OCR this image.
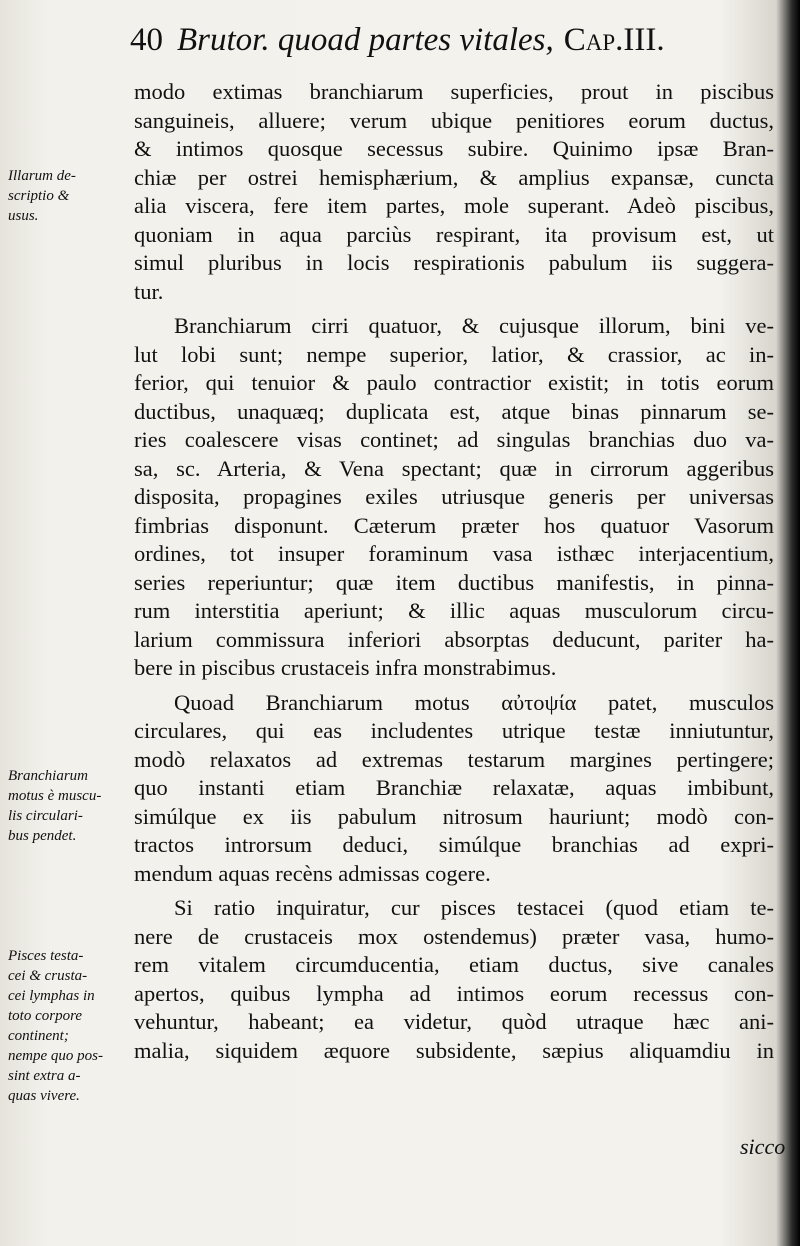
40 Brutor. quoad partes vitales, Cap.III.
modo extimas branchiarum superficies, prout in piscibus
sanguineis, alluere; verum ubique penitiores eorum ductus,
& intimos quosque secessus subire. Quinimo ipsæ Bran-
chiæ per ostrei hemisphærium, & amplius expansæ, cuncta
alia viscera, fere item partes, mole superant. Adeò piscibus,
quoniam in aqua parciùs respirant, ita provisum est, ut
simul pluribus in locis respirationis pabulum iis suggera-
tur.
Branchiarum cirri quatuor, & cujusque illorum, bini ve-
lut lobi sunt; nempe superior, latior, & crassior, ac in-
ferior, qui tenuior & paulo contractior existit; in totis eorum
ductibus, unaquæq; duplicata est, atque binas pinnarum se-
ries coalescere visas continet; ad singulas branchias duo va-
sa, sc. Arteria, & Vena spectant; quæ in cirrorum aggeribus
disposita, propagines exiles utriusque generis per universas
fimbrias disponunt. Cæterum præter hos quatuor Vasorum
ordines, tot insuper foraminum vasa isthæc interjacentium,
series reperiuntur; quæ item ductibus manifestis, in pinna-
rum interstitia aperiunt; & illic aquas musculorum circu-
larium commissura inferiori absorptas deducunt, pariter ha-
bere in piscibus crustaceis infra monstrabimus.
Quoad Branchiarum motus αὐτοψία patet, musculos
circulares, qui eas includentes utrique testæ inniutuntur,
modò relaxatos ad extremas testarum margines pertingere;
quo instanti etiam Branchiæ relaxatæ, aquas imbibunt,
simúlque ex iis pabulum nitrosum hauriunt; modò con-
tractos introrsum deduci, simúlque branchias ad expri-
mendum aquas recèns admissas cogere.
Si ratio inquiratur, cur pisces testacei (quod etiam te-
nere de crustaceis mox ostendemus) præter vasa, humo-
rem vitalem circumducentia, etiam ductus, sive canales
apertos, quibus lympha ad intimos eorum recessus con-
vehuntur, habeant; ea videtur, quòd utraque hæc ani-
malia, siquidem æquore subsidente, sæpius aliquamdiu in
sicco
Illarum de-
scriptio &
usus.
Branchiarum
motus è muscu-
lis circulari-
bus pendet.
Pisces testa-
cei & crusta-
cei lymphas in
toto corpore
continent;
nempe quo pos-
sint extra a-
quas vivere.
